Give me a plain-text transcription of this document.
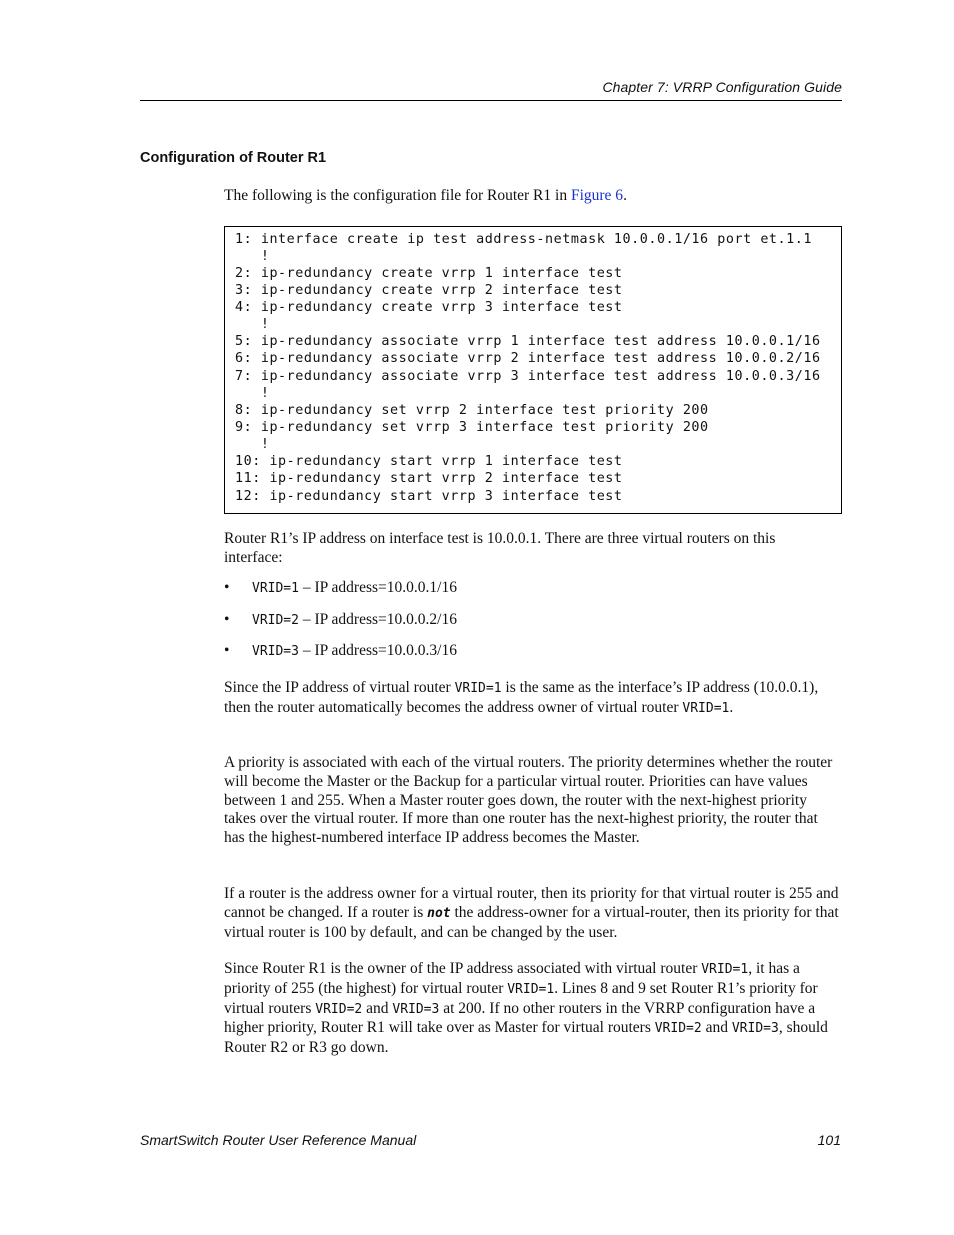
Chapter 7: VRRP Configuration Guide
Configuration of Router R1
The following is the configuration file for Router R1 in Figure 6.
1: interface create ip test address-netmask 10.0.0.1/16 port et.1.1
!
2: ip-redundancy create vrrp 1 interface test
3: ip-redundancy create vrrp 2 interface test
4: ip-redundancy create vrrp 3 interface test
!
5: ip-redundancy associate vrrp 1 interface test address 10.0.0.1/16
6: ip-redundancy associate vrrp 2 interface test address 10.0.0.2/16
7: ip-redundancy associate vrrp 3 interface test address 10.0.0.3/16
!
8: ip-redundancy set vrrp 2 interface test priority 200
9: ip-redundancy set vrrp 3 interface test priority 200
!
10: ip-redundancy start vrrp 1 interface test
11: ip-redundancy start vrrp 2 interface test
12: ip-redundancy start vrrp 3 interface test
Router R1’s IP address on interface test is 10.0.0.1. There are three virtual routers on this interface:
• VRID=1 – IP address=10.0.0.1/16
• VRID=2 – IP address=10.0.0.2/16
• VRID=3 – IP address=10.0.0.3/16
Since the IP address of virtual router VRID=1 is the same as the interface’s IP address (10.0.0.1), then the router automatically becomes the address owner of virtual router VRID=1.
A priority is associated with each of the virtual routers. The priority determines whether the router will become the Master or the Backup for a particular virtual router. Priorities can have values between 1 and 255. When a Master router goes down, the router with the next-highest priority takes over the virtual router. If more than one router has the next-highest priority, the router that has the highest-numbered interface IP address becomes the Master.
If a router is the address owner for a virtual router, then its priority for that virtual router is 255 and cannot be changed. If a router is not the address-owner for a virtual-router, then its priority for that virtual router is 100 by default, and can be changed by the user.
Since Router R1 is the owner of the IP address associated with virtual router VRID=1, it has a priority of 255 (the highest) for virtual router VRID=1. Lines 8 and 9 set Router R1’s priority for virtual routers VRID=2 and VRID=3 at 200. If no other routers in the VRRP configuration have a higher priority, Router R1 will take over as Master for virtual routers VRID=2 and VRID=3, should Router R2 or R3 go down.
SmartSwitch Router User Reference Manual	101
